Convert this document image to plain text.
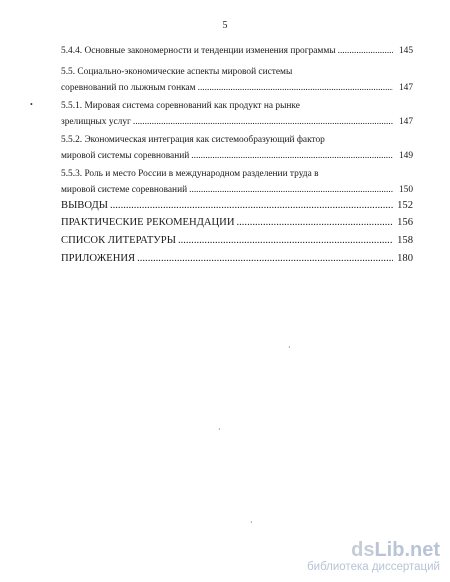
5
•
5.4.4. Основные закономерности и тенденции изменения программы .....	145
5.5. Социально-экономические аспекты мировой системы
соревнований по лыжным гонкам .....	147
5.5.1. Мировая система соревнований как продукт на рынке
зрелищных услуг .....	147
5.5.2. Экономическая интеграция как системообразующий фактор
мировой системы соревнований .....	149
5.5.3. Роль и место России в международном разделении труда в
мировой системе соревнований .....	150
ВЫВОДЫ .....	152
ПРАКТИЧЕСКИЕ РЕКОМЕНДАЦИИ .....	156
СПИСОК ЛИТЕРАТУРЫ .....	158
ПРИЛОЖЕНИЯ .....	180
·
·
·
dsLib.net
библиотека диссертаций
